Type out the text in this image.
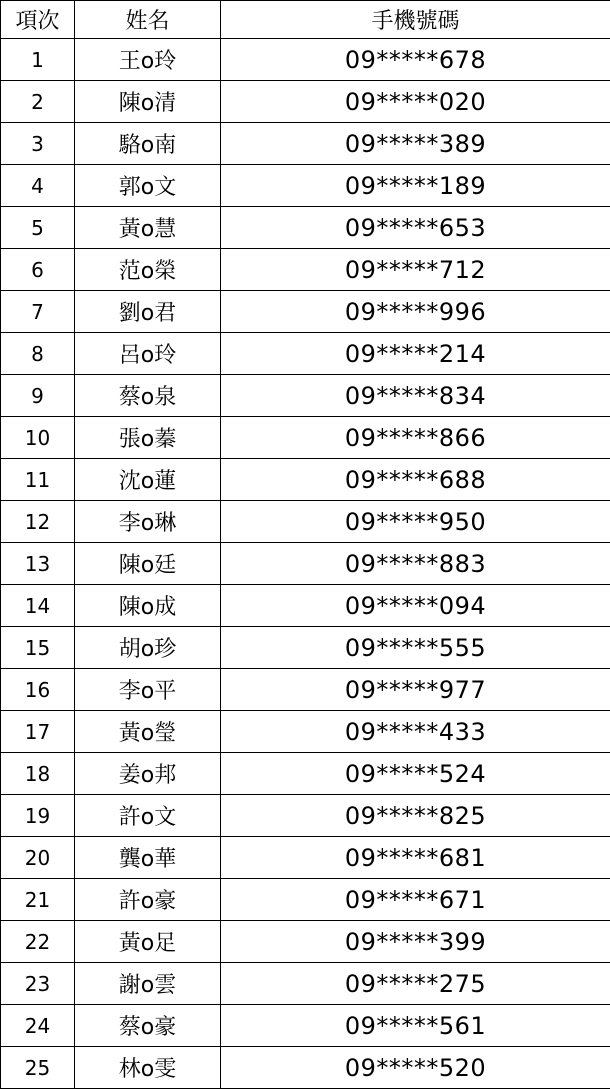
項次	姓名	手機號碼
1	王o玲	09*****678
2	陳o清	09*****020
3	駱o南	09*****389
4	郭o文	09*****189
5	黃o慧	09*****653
6	范o榮	09*****712
7	劉o君	09*****996
8	呂o玲	09*****214
9	蔡o泉	09*****834
10	張o蓁	09*****866
11	沈o蓮	09*****688
12	李o琳	09*****950
13	陳o廷	09*****883
14	陳o成	09*****094
15	胡o珍	09*****555
16	李o平	09*****977
17	黃o瑩	09*****433
18	姜o邦	09*****524
19	許o文	09*****825
20	龔o華	09*****681
21	許o豪	09*****671
22	黃o足	09*****399
23	謝o雲	09*****275
24	蔡o豪	09*****561
25	林o雯	09*****520
